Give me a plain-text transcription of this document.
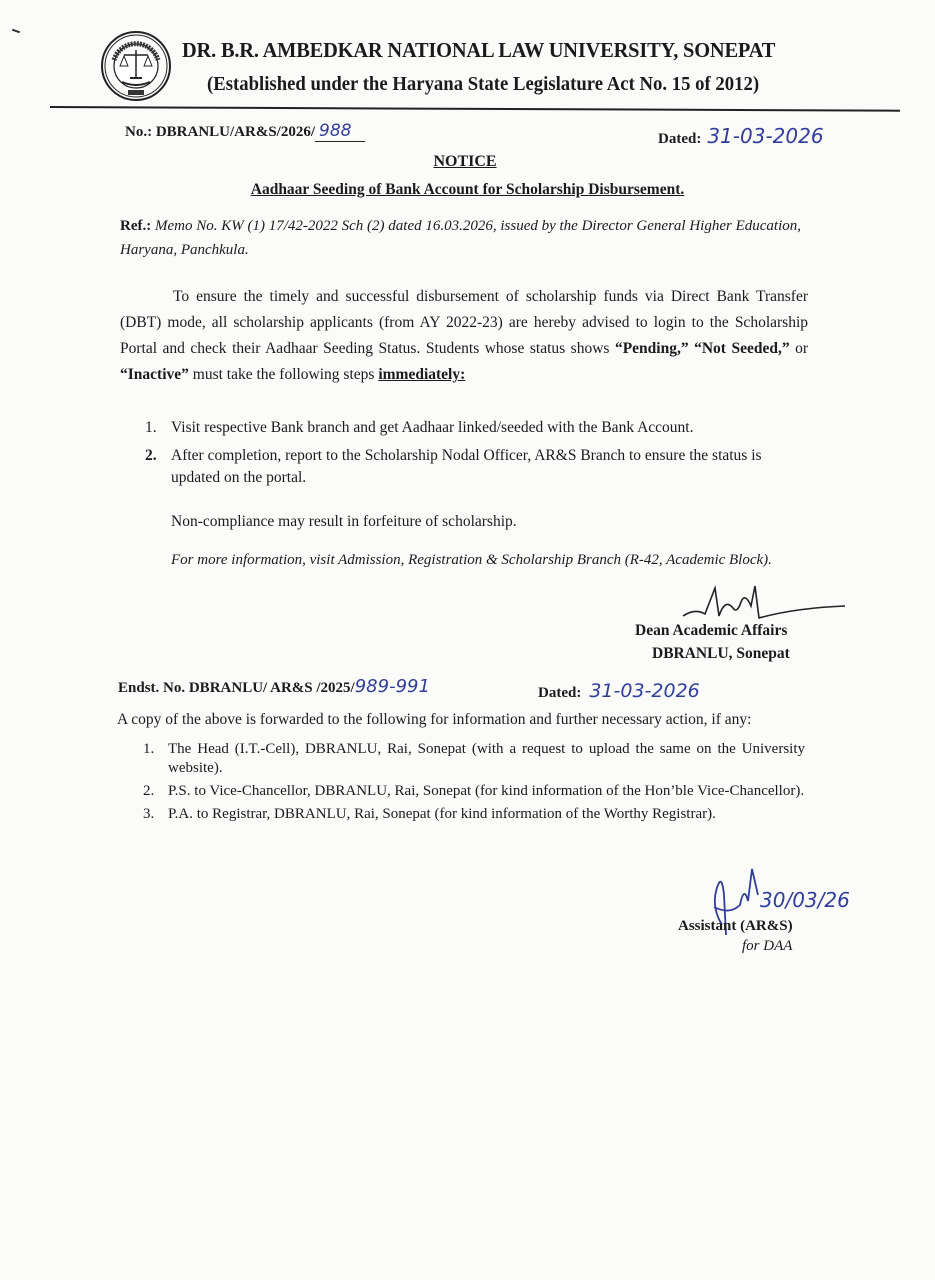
DR. B.R. AMBEDKAR NATIONAL LAW UNIVERSITY, SONEPAT
(Established under the Haryana State Legislature Act No. 15 of 2012)
No.: DBRANLU/AR&S/2026/ 988	Dated: 31-03-2026
NOTICE
Aadhaar Seeding of Bank Account for Scholarship Disbursement.
Ref.: Memo No. KW (1) 17/42-2022 Sch (2) dated 16.03.2026, issued by the Director General Higher Education, Haryana, Panchkula.
To ensure the timely and successful disbursement of scholarship funds via Direct Bank Transfer (DBT) mode, all scholarship applicants (from AY 2022-23) are hereby advised to login to the Scholarship Portal and check their Aadhaar Seeding Status. Students whose status shows “Pending,” “Not Seeded,” or “Inactive” must take the following steps immediately:
1. Visit respective Bank branch and get Aadhaar linked/seeded with the Bank Account.
2. After completion, report to the Scholarship Nodal Officer, AR&S Branch to ensure the status is updated on the portal.
Non-compliance may result in forfeiture of scholarship.
For more information, visit Admission, Registration & Scholarship Branch (R-42, Academic Block).
Dean Academic Affairs
DBRANLU, Sonepat
Endst. No. DBRANLU/ AR&S /2025/989-991	Dated: 31-03-2026
A copy of the above is forwarded to the following for information and further necessary action, if any:
1. The Head (I.T.-Cell), DBRANLU, Rai, Sonepat (with a request to upload the same on the University website).
2. P.S. to Vice-Chancellor, DBRANLU, Rai, Sonepat (for kind information of the Hon’ble Vice-Chancellor).
3. P.A. to Registrar, DBRANLU, Rai, Sonepat (for kind information of the Worthy Registrar).
30/03/26
Assistant (AR&S)
for DAA
